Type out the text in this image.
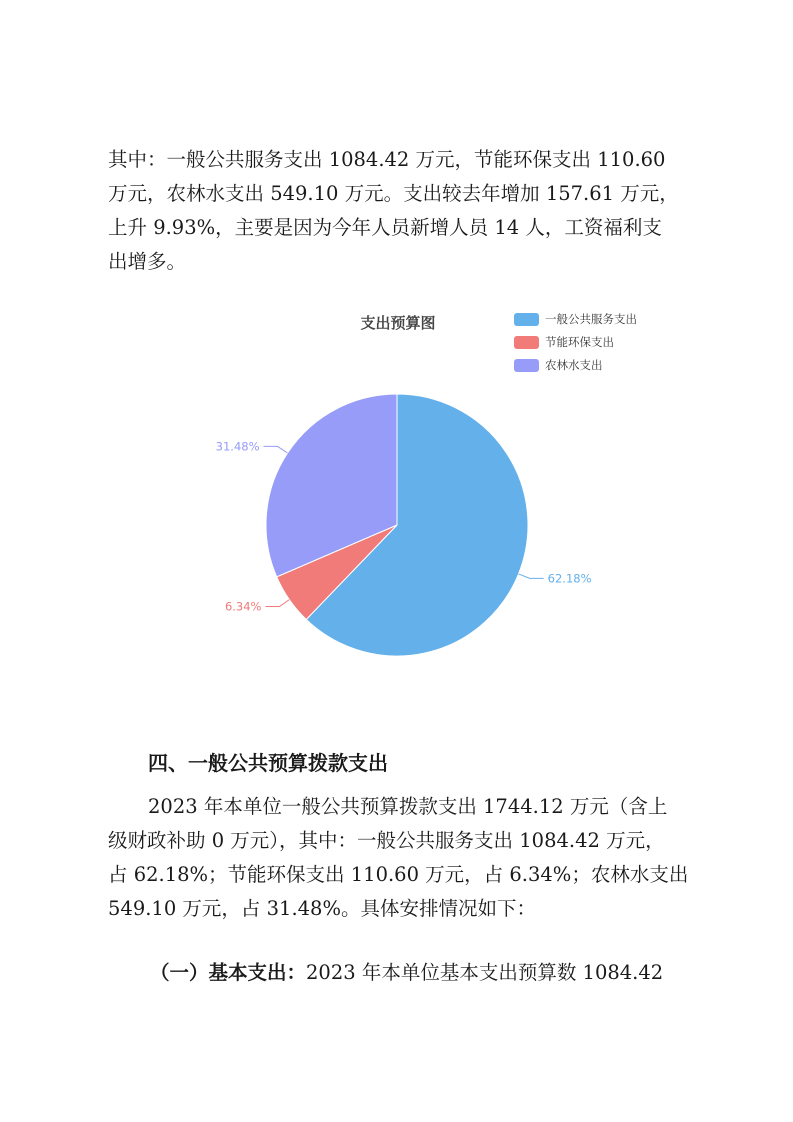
其中：一般公共服务支出 1084.42 万元，节能环保支出 110.60
万元，农林水支出 549.10 万元。支出较去年增加 157.61 万元，
上升 9.93%，主要是因为今年人员新增人员 14 人，工资福利支
出增多。
支出预算图	一般公共服务支出
节能环保支出
农林水支出
62.18%
6.34%
31.48%
四、一般公共预算拨款支出
2023 年本单位一般公共预算拨款支出 1744.12 万元（含上
级财政补助 0 万元），其中：一般公共服务支出 1084.42 万元，
占 62.18%；节能环保支出 110.60 万元，占 6.34%；农林水支出
549.10 万元，占 31.48%。具体安排情况如下：
（一）基本支出：2023 年本单位基本支出预算数 1084.42
